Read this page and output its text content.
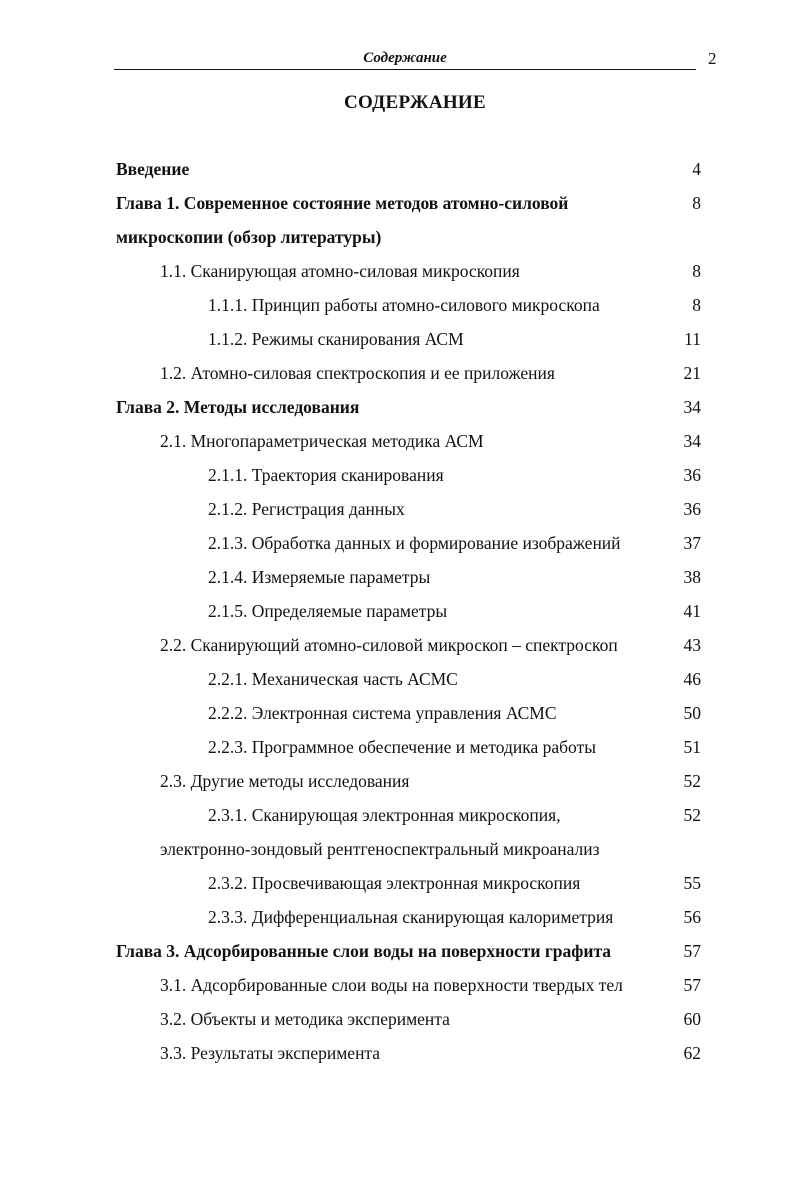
Содержание	2
СОДЕРЖАНИЕ
Введение	4
Глава 1. Современное состояние методов атомно-силовой	8
микроскопии (обзор литературы)
1.1. Сканирующая атомно-силовая микроскопия	8
1.1.1. Принцип работы атомно-силового микроскопа	8
1.1.2. Режимы сканирования АСМ	11
1.2. Атомно-силовая спектроскопия и ее приложения	21
Глава 2. Методы исследования	34
2.1. Многопараметрическая методика АСМ	34
2.1.1. Траектория сканирования	36
2.1.2. Регистрация данных	36
2.1.3. Обработка данных и формирование изображений	37
2.1.4. Измеряемые параметры	38
2.1.5. Определяемые параметры	41
2.2. Сканирующий атомно-силовой микроскоп – спектроскоп	43
2.2.1. Механическая часть АСМС	46
2.2.2. Электронная система управления АСМС	50
2.2.3. Программное обеспечение и методика работы	51
2.3. Другие методы исследования	52
2.3.1. Сканирующая электронная микроскопия,	52
электронно-зондовый рентгеноспектральный микроанализ
2.3.2. Просвечивающая электронная микроскопия	55
2.3.3. Дифференциальная сканирующая калориметрия	56
Глава 3. Адсорбированные слои воды на поверхности графита	57
3.1. Адсорбированные слои воды на поверхности твердых тел	57
3.2. Объекты и методика эксперимента	60
3.3. Результаты эксперимента	62
